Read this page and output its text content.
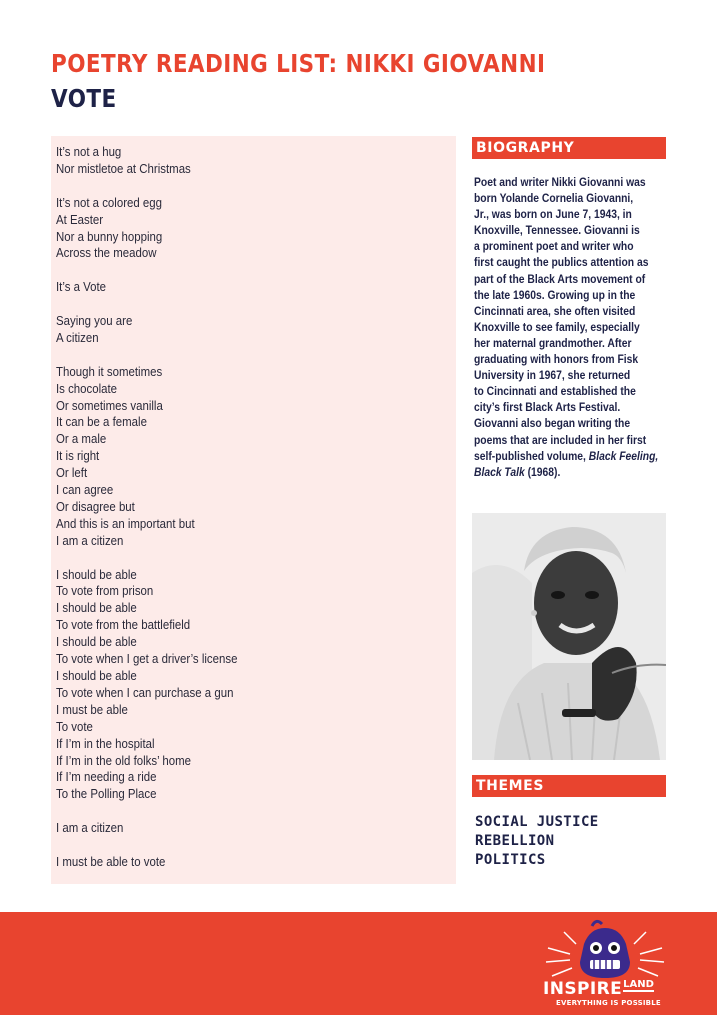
POETRY READING LIST: NIKKI GIOVANNI
VOTE
It’s not a hug
Nor mistletoe at Christmas
It’s not a colored egg
At Easter
Nor a bunny hopping
Across the meadow
It’s a Vote
Saying you are
A citizen
Though it sometimes
Is chocolate
Or sometimes vanilla
It can be a female
Or a male
It is right
Or left
I can agree
Or disagree but
And this is an important but
I am a citizen
I should be able
To vote from prison
I should be able
To vote from the battlefield
I should be able
To vote when I get a driver’s license
I should be able
To vote when I can purchase a gun
I must be able
To vote
If I’m in the hospital
If I’m in the old folks’ home
If I’m needing a ride
To the Polling Place
I am a citizen
I must be able to vote
BIOGRAPHY
Poet and writer Nikki Giovanni was
born Yolande Cornelia Giovanni,
Jr., was born on June 7, 1943, in
Knoxville, Tennessee. Giovanni is
a prominent poet and writer who
first caught the publics attention as
part of the Black Arts movement of
the late 1960s. Growing up in the
Cincinnati area, she often visited
Knoxville to see family, especially
her maternal grandmother. After
graduating with honors from Fisk
University in 1967, she returned
to Cincinnati and established the
city’s first Black Arts Festival.
Giovanni also began writing the
poems that are included in her first
self-published volume, Black Feeling,
Black Talk (1968).
THEMES
SOCIAL JUSTICE
REBELLION
POLITICS
$INSPIRE^{LAND}$
EVERYTHING IS POSSIBLE
